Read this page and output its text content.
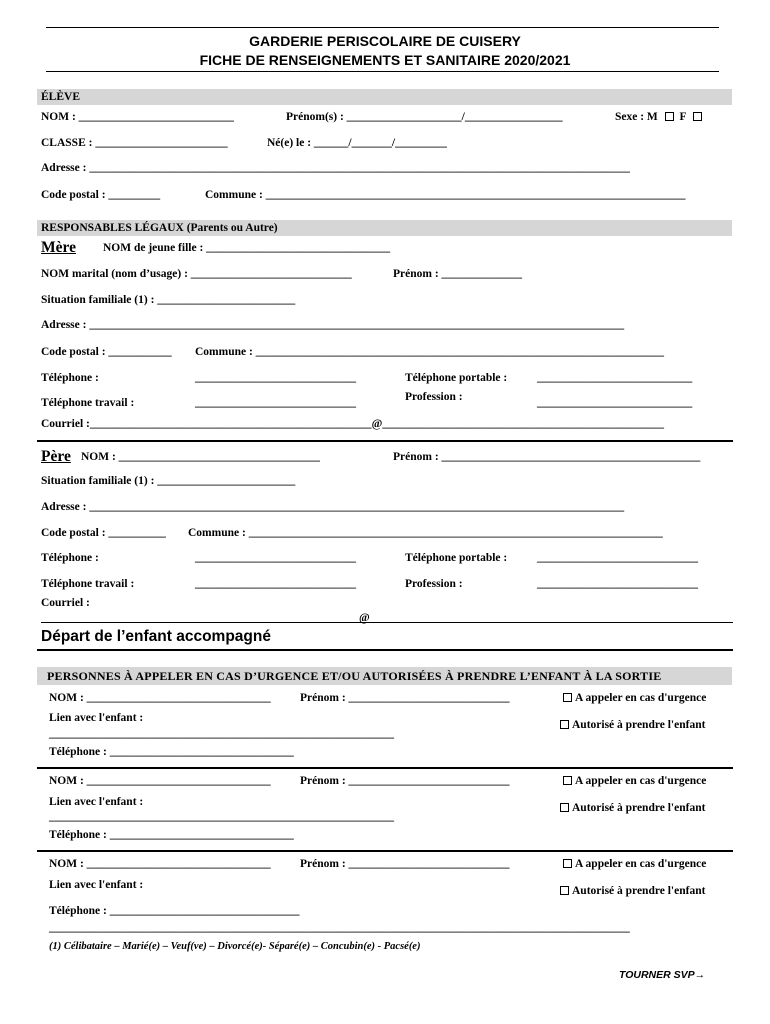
GARDERIE PERISCOLAIRE DE CUISERY
FICHE DE RENSEIGNEMENTS ET SANITAIRE 2020/2021
ÉLÈVE
NOM : ___________________________	Prénom(s) : ____________________/_________________	Sexe : M F
CLASSE : _______________________	Né(e) le : ______/_______/_________
Adresse : ______________________________________________________________________________________________
Code postal : _________	Commune : _________________________________________________________________________
RESPONSABLES LÉGAUX (Parents ou Autre)
Mère NOM de jeune fille : ________________________________
NOM marital (nom d’usage) : ____________________________	Prénom : ______________
Situation familiale (1) : ________________________
Adresse : _____________________________________________________________________________________________
Code postal : ___________ Commune : _______________________________________________________________________
Téléphone :	____________________________	Téléphone portable :	___________________________
Téléphone travail :	____________________________	Profession :	___________________________
Courriel :_________________________________________________@_________________________________________________
Père NOM : ___________________________________	Prénom : _____________________________________________
Situation familiale (1) : ________________________
Adresse : _____________________________________________________________________________________________
Code postal : __________ Commune : ________________________________________________________________________
Téléphone :	____________________________	Téléphone portable :	____________________________
Téléphone travail :	____________________________	Profession :	____________________________
Courriel :
@
Départ de l’enfant accompagné
PERSONNES À APPELER EN CAS D’URGENCE ET/OU AUTORISÉES À PRENDRE L’ENFANT À LA SORTIE
NOM : ________________________________	Prénom : ____________________________	A appeler en cas d'urgence
Lien avec l'enfant :
____________________________________________________________
Autorisé à prendre l'enfant
Téléphone : ________________________________
NOM : ________________________________	Prénom : ____________________________	A appeler en cas d'urgence
Lien avec l'enfant :
____________________________________________________________
Autorisé à prendre l'enfant
Téléphone : ________________________________
NOM : ________________________________	Prénom : ____________________________	A appeler en cas d'urgence
Lien avec l'enfant :	Autorisé à prendre l'enfant
Téléphone : _________________________________
_____________________________________________________________________________________________________
(1) Célibataire – Marié(e) – Veuf(ve) – Divorcé(e)- Séparé(e) – Concubin(e) - Pacsé(e)
TOURNER SVP→
